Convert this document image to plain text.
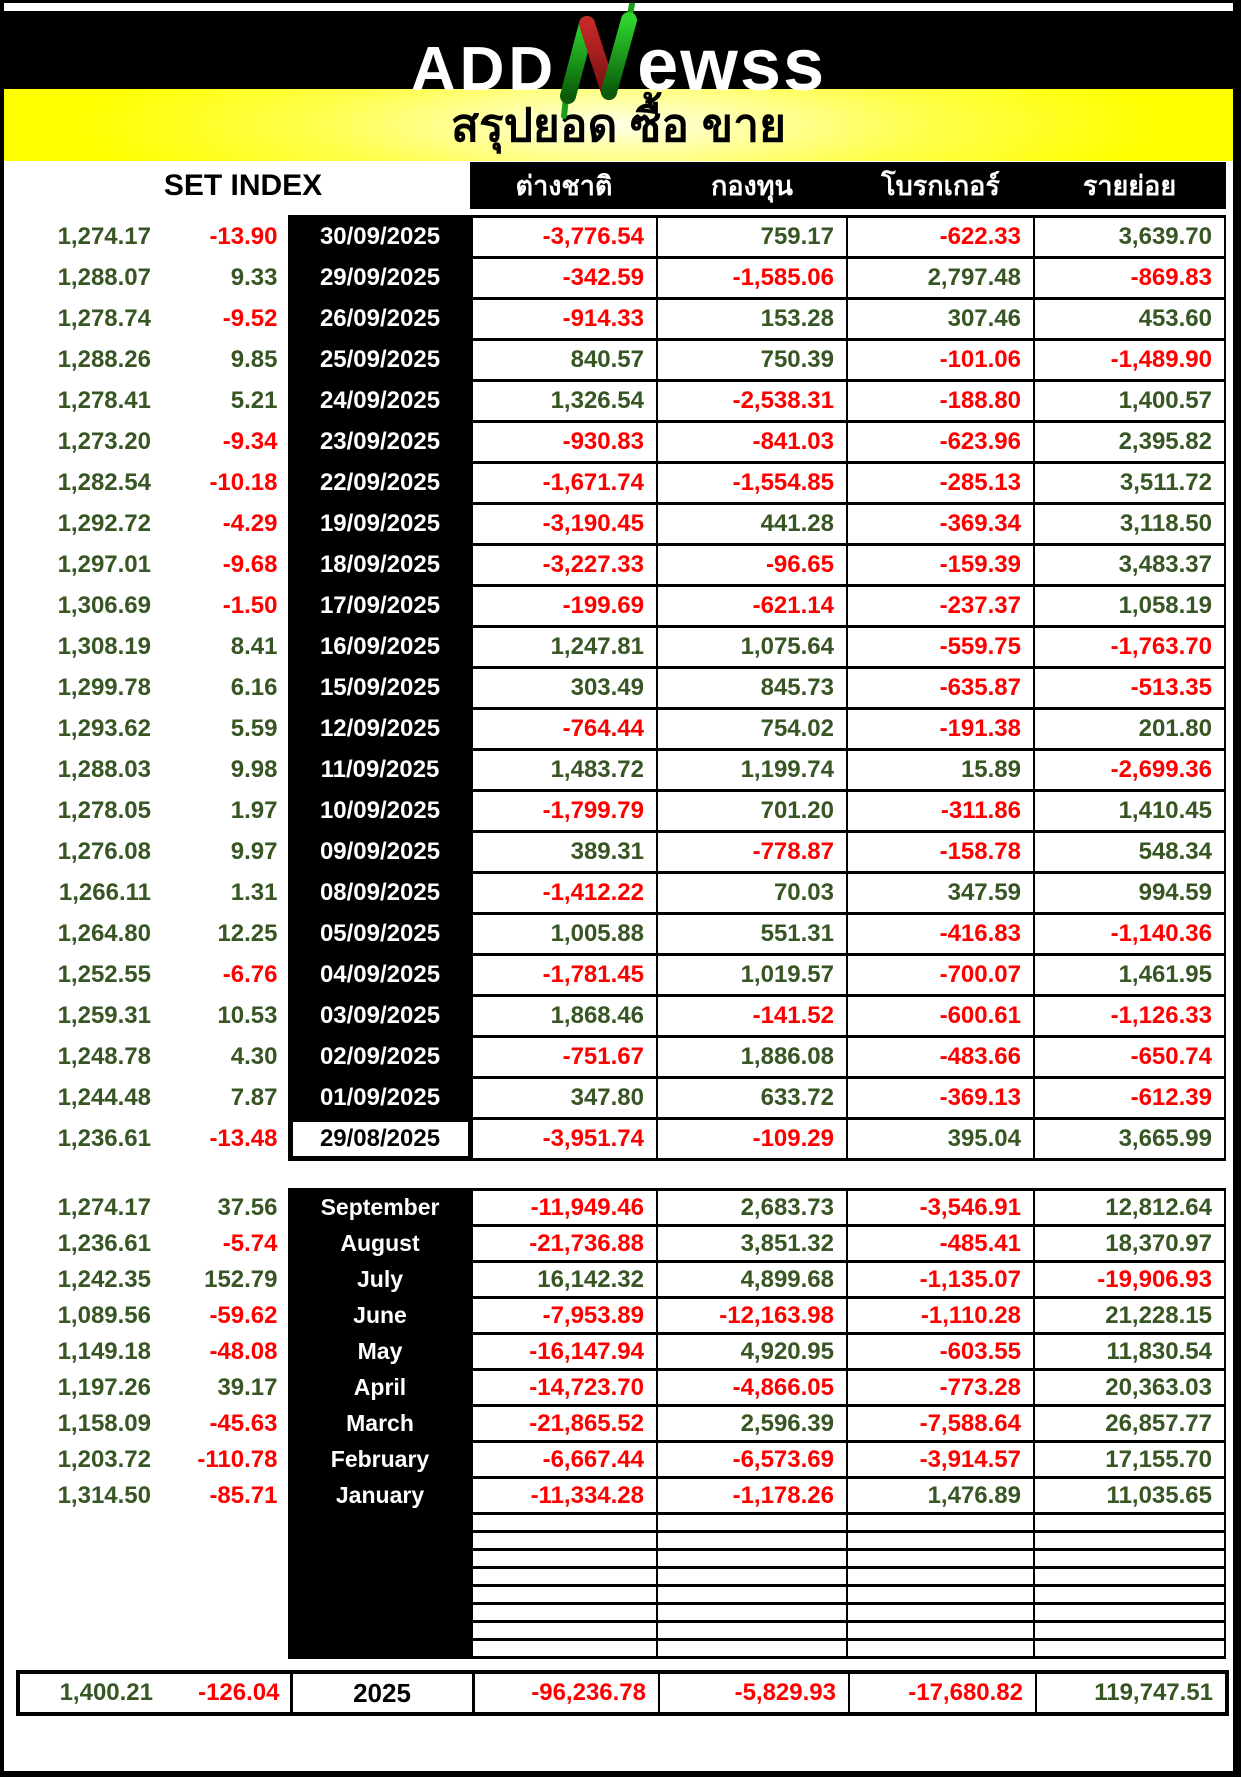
ADD ewss
สรุปยอด ซื้อ ขาย
SET INDEX	ต่างชาติ	กองทุน	โบรกเกอร์	รายย่อย
1,274.17	-13.90	30/09/2025	-3,776.54	759.17	-622.33	3,639.70
1,288.07	9.33	29/09/2025	-342.59	-1,585.06	2,797.48	-869.83
1,278.74	-9.52	26/09/2025	-914.33	153.28	307.46	453.60
1,288.26	9.85	25/09/2025	840.57	750.39	-101.06	-1,489.90
1,278.41	5.21	24/09/2025	1,326.54	-2,538.31	-188.80	1,400.57
1,273.20	-9.34	23/09/2025	-930.83	-841.03	-623.96	2,395.82
1,282.54	-10.18	22/09/2025	-1,671.74	-1,554.85	-285.13	3,511.72
1,292.72	-4.29	19/09/2025	-3,190.45	441.28	-369.34	3,118.50
1,297.01	-9.68	18/09/2025	-3,227.33	-96.65	-159.39	3,483.37
1,306.69	-1.50	17/09/2025	-199.69	-621.14	-237.37	1,058.19
1,308.19	8.41	16/09/2025	1,247.81	1,075.64	-559.75	-1,763.70
1,299.78	6.16	15/09/2025	303.49	845.73	-635.87	-513.35
1,293.62	5.59	12/09/2025	-764.44	754.02	-191.38	201.80
1,288.03	9.98	11/09/2025	1,483.72	1,199.74	15.89	-2,699.36
1,278.05	1.97	10/09/2025	-1,799.79	701.20	-311.86	1,410.45
1,276.08	9.97	09/09/2025	389.31	-778.87	-158.78	548.34
1,266.11	1.31	08/09/2025	-1,412.22	70.03	347.59	994.59
1,264.80	12.25	05/09/2025	1,005.88	551.31	-416.83	-1,140.36
1,252.55	-6.76	04/09/2025	-1,781.45	1,019.57	-700.07	1,461.95
1,259.31	10.53	03/09/2025	1,868.46	-141.52	-600.61	-1,126.33
1,248.78	4.30	02/09/2025	-751.67	1,886.08	-483.66	-650.74
1,244.48	7.87	01/09/2025	347.80	633.72	-369.13	-612.39
1,236.61	-13.48	29/08/2025	-3,951.74	-109.29	395.04	3,665.99
1,274.17	37.56	September	-11,949.46	2,683.73	-3,546.91	12,812.64
1,236.61	-5.74	August	-21,736.88	3,851.32	-485.41	18,370.97
1,242.35	152.79	July	16,142.32	4,899.68	-1,135.07	-19,906.93
1,089.56	-59.62	June	-7,953.89	-12,163.98	-1,110.28	21,228.15
1,149.18	-48.08	May	-16,147.94	4,920.95	-603.55	11,830.54
1,197.26	39.17	April	-14,723.70	-4,866.05	-773.28	20,363.03
1,158.09	-45.63	March	-21,865.52	2,596.39	-7,588.64	26,857.77
1,203.72	-110.78	February	-6,667.44	-6,573.69	-3,914.57	17,155.70
1,314.50	-85.71	January	-11,334.28	-1,178.26	1,476.89	11,035.65

1,400.21	-126.04	2025	-96,236.78	-5,829.93	-17,680.82	119,747.51
